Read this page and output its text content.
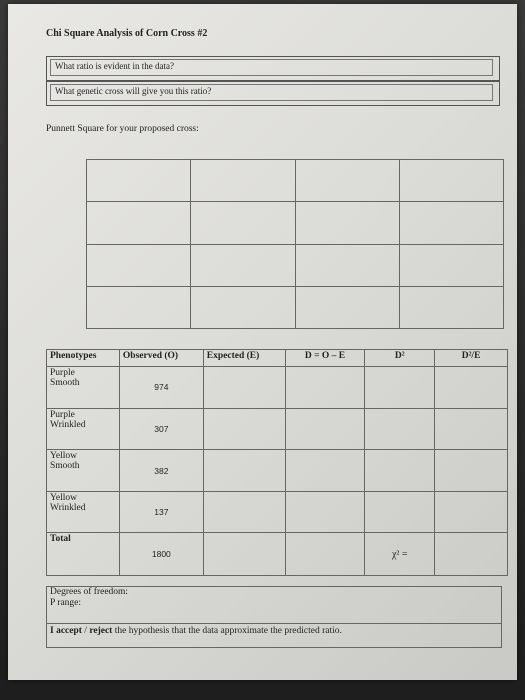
Chi Square Analysis of Corn Cross #2
What ratio is evident in the data?
What genetic cross will give you this ratio?
Punnett Square for your proposed cross:

Phenotypes	Observed (O)	Expected (E)	D = O – E	D²	D²/E
Purple
Smooth	974				
Purple
Wrinkled	307				
Yellow
Smooth	382				
Yellow
Wrinkled	137				
Total	1800			χ² =	
Degrees of freedom:
P range:
I accept / reject the hypothesis that the data approximate the predicted ratio.
